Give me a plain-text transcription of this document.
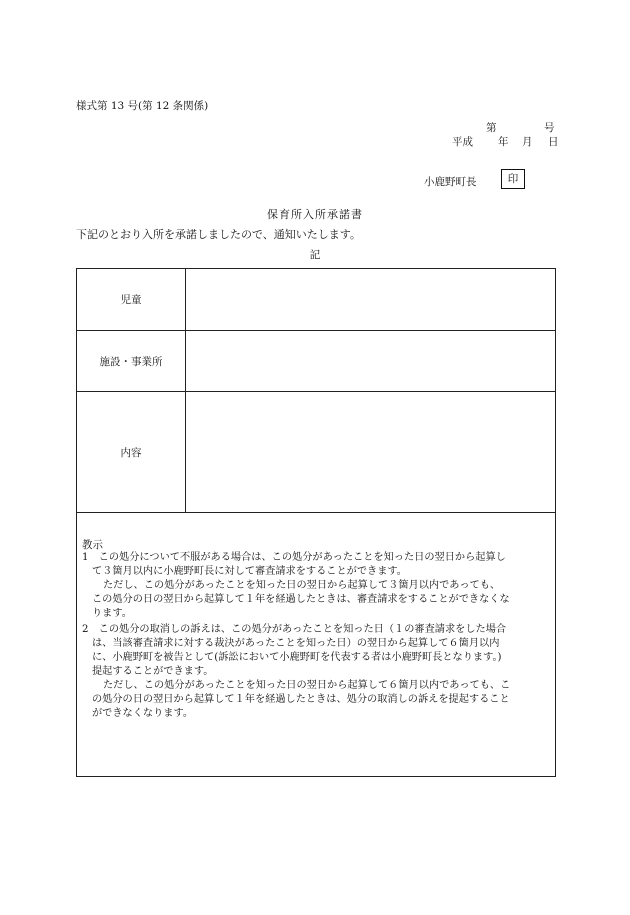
様式第 13 号(第 12 条関係)
第	号
平成 年 月 日
小鹿野町長	印
保育所入所承諾書
下記のとおり入所を承諾しましたので、通知いたします。
記
児童
施設・事業所
内容
教示
1　この処分について不服がある場合は、この処分があったことを知った日の翌日から起算し
て３箇月以内に小鹿野町長に対して審査請求をすることができます。
ただし、この処分があったことを知った日の翌日から起算して３箇月以内であっても、
この処分の日の翌日から起算して１年を経過したときは、審査請求をすることができなくな
ります。
2　この処分の取消しの訴えは、この処分があったことを知った日（１の審査請求をした場合
は、当該審査請求に対する裁決があったことを知った日）の翌日から起算して６箇月以内
に、小鹿野町を被告として(訴訟において小鹿野町を代表する者は小鹿野町長となります。)
提起することができます。
ただし、この処分があったことを知った日の翌日から起算して６箇月以内であっても、こ
の処分の日の翌日から起算して１年を経過したときは、処分の取消しの訴えを提起すること
ができなくなります。
